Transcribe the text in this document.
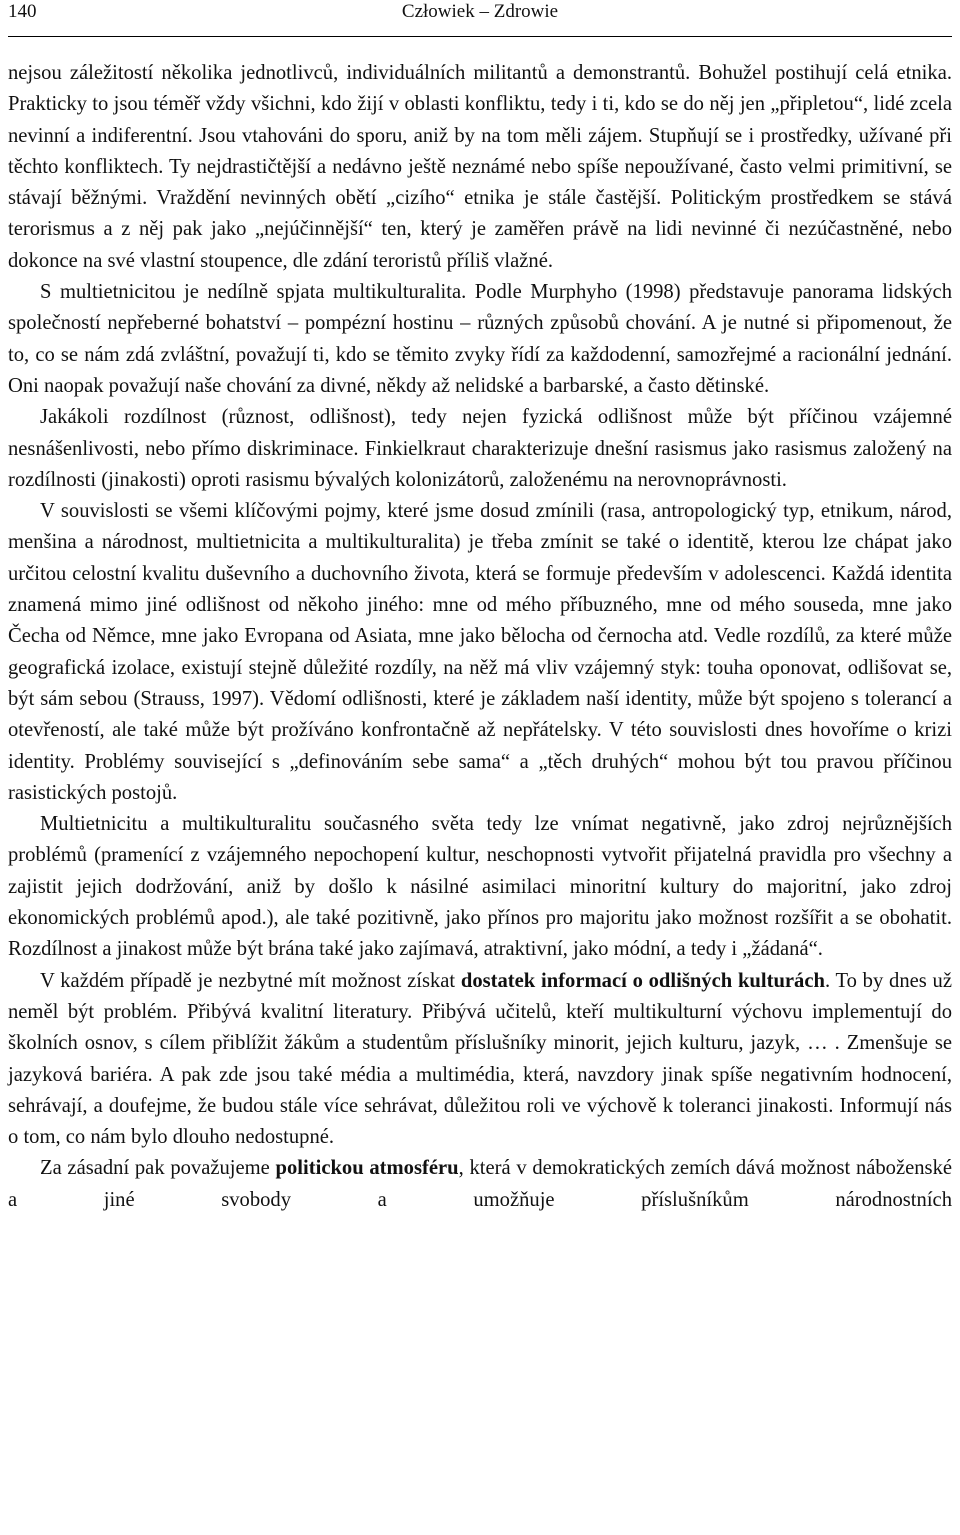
140	Człowiek – Zdrowie

nejsou záležitostí několika jednotlivců, individuálních militantů a demonstrantů. Bohužel postihují celá etnika. Prakticky to jsou téměř vždy všichni, kdo žijí v oblasti konfliktu, tedy i ti, kdo se do něj jen „připletou“, lidé zcela nevinní a indiferentní. Jsou vtahováni do sporu, aniž by na tom měli zájem. Stupňují se i prostředky, užívané při těchto konfliktech. Ty nejdrastičtější a nedávno ještě neznámé nebo spíše nepoužívané, často velmi primitivní, se stávají běžnými. Vraždění nevinných obětí „cizího“ etnika je stále častější. Politickým prostředkem se stává terorismus a z něj pak jako „nejúčinnější“ ten, který je zaměřen právě na lidi nevinné či nezúčastněné, nebo dokonce na své vlastní stoupence, dle zdání teroristů příliš vlažné.

S multietnicitou je nedílně spjata multikulturalita. Podle Murphyho (1998) představuje panorama lidských společností nepřeberné bohatství – pompézní hostinu – různých způsobů chování. A je nutné si připomenout, že to, co se nám zdá zvláštní, považují ti, kdo se těmito zvyky řídí za každodenní, samozřejmé a racionální jednání. Oni naopak považují naše chování za divné, někdy až nelidské a barbarské, a často dětinské.

Jakákoli rozdílnost (různost, odlišnost), tedy nejen fyzická odlišnost může být příčinou vzájemné nesnášenlivosti, nebo přímo diskriminace. Finkielkraut charakterizuje dnešní rasismus jako rasismus založený na rozdílnosti (jinakosti) oproti rasismu bývalých kolonizátorů, založenému na nerovnoprávnosti.

V souvislosti se všemi klíčovými pojmy, které jsme dosud zmínili (rasa, antropologický typ, etnikum, národ, menšina a národnost, multietnicita a multikulturalita) je třeba zmínit se také o identitě, kterou lze chápat jako určitou celostní kvalitu duševního a duchovního života, která se formuje především v adolescenci. Každá identita znamená mimo jiné odlišnost od někoho jiného: mne od mého příbuzného, mne od mého souseda, mne jako Čecha od Němce, mne jako Evropana od Asiata, mne jako bělocha od černocha atd. Vedle rozdílů, za které může geografická izolace, existují stejně důležité rozdíly, na něž má vliv vzájemný styk: touha oponovat, odlišovat se, být sám sebou (Strauss, 1997). Vědomí odlišnosti, které je základem naší identity, může být spojeno s tolerancí a otevřeností, ale také může být prožíváno konfrontačně až nepřátelsky. V této souvislosti dnes hovoříme o krizi identity. Problémy související s „definováním sebe sama“ a „těch druhých“ mohou být tou pravou příčinou rasistických postojů.

Multietnicitu a multikulturalitu současného světa tedy lze vnímat negativně, jako zdroj nejrůznějších problémů (pramenící z vzájemného nepochopení kultur, neschopnosti vytvořit přijatelná pravidla pro všechny a zajistit jejich dodržování, aniž by došlo k násilné asimilaci minoritní kultury do majoritní, jako zdroj ekonomických problémů apod.), ale také pozitivně, jako přínos pro majoritu jako možnost rozšířit a se obohatit. Rozdílnost a jinakost může být brána také jako zajímavá, atraktivní, jako módní, a tedy i „žádaná“.

V každém případě je nezbytné mít možnost získat dostatek informací o odlišných kulturách. To by dnes už neměl být problém. Přibývá kvalitní literatury. Přibývá učitelů, kteří multikulturní výchovu implementují do školních osnov, s cílem přiblížit žákům a studentům příslušníky minorit, jejich kulturu, jazyk, … . Zmenšuje se jazyková bariéra. A pak zde jsou také média a multimédia, která, navzdory jinak spíše negativním hodnocení, sehrávají, a doufejme, že budou stále více sehrávat, důležitou roli ve výchově k toleranci jinakosti. Informují nás o tom, co nám bylo dlouho nedostupné.

Za zásadní pak považujeme politickou atmosféru, která v demokratických zemích dává možnost náboženské a jiné svobody a umožňuje příslušníkům národnostních
